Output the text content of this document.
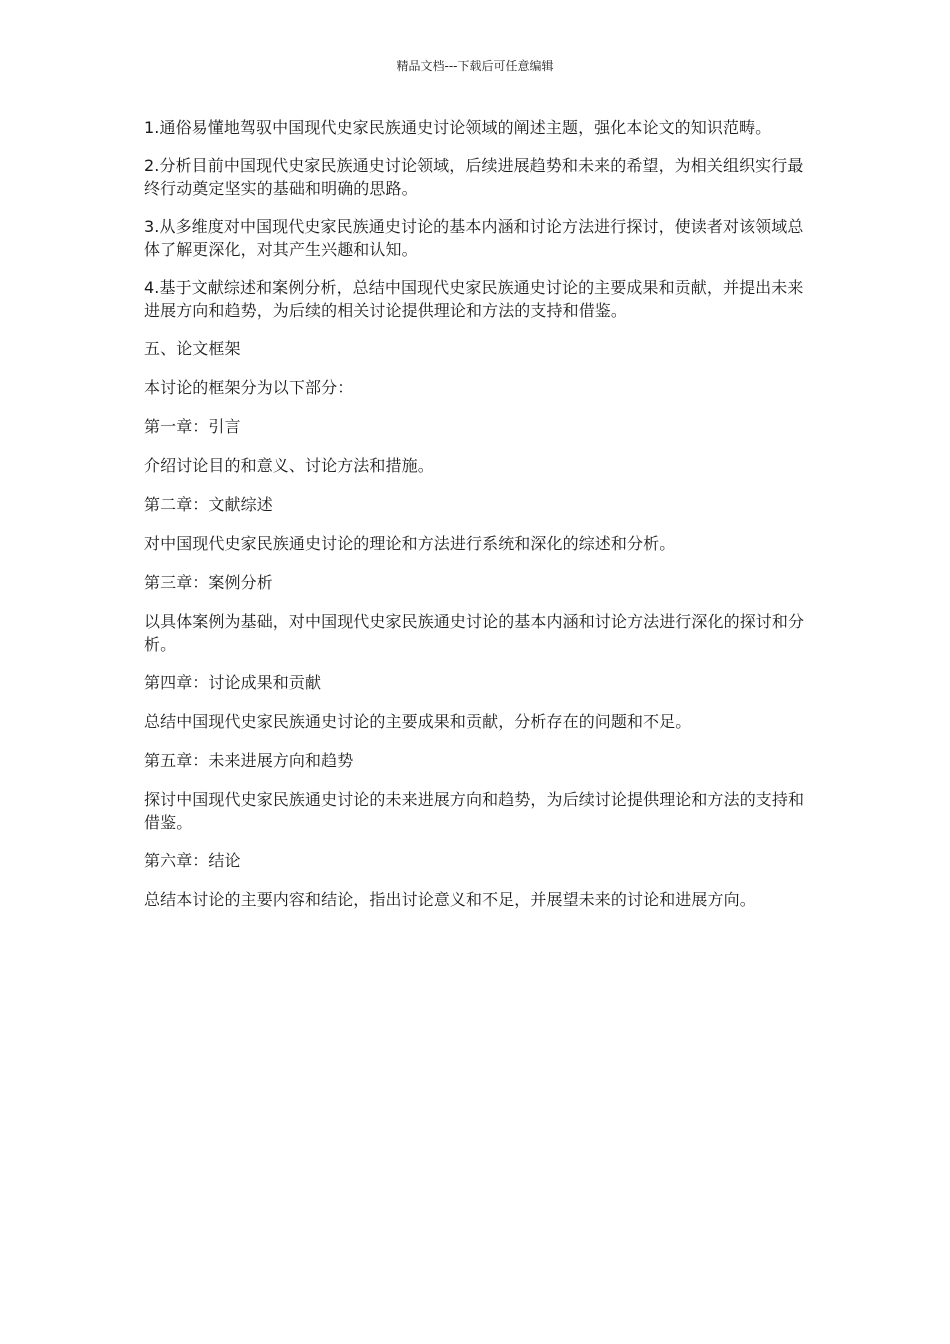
精品文档---下载后可任意编辑

1.通俗易懂地驾驭中国现代史家民族通史讨论领域的阐述主题，强化本论文的知识范畴。

2.分析目前中国现代史家民族通史讨论领域，后续进展趋势和未来的希望，为相关组织实行最终行动奠定坚实的基础和明确的思路。

3.从多维度对中国现代史家民族通史讨论的基本内涵和讨论方法进行探讨，使读者对该领域总体了解更深化，对其产生兴趣和认知。

4.基于文献综述和案例分析，总结中国现代史家民族通史讨论的主要成果和贡献，并提出未来进展方向和趋势，为后续的相关讨论提供理论和方法的支持和借鉴。

五、论文框架

本讨论的框架分为以下部分：

第一章：引言

介绍讨论目的和意义、讨论方法和措施。

第二章：文献综述

对中国现代史家民族通史讨论的理论和方法进行系统和深化的综述和分析。

第三章：案例分析

以具体案例为基础，对中国现代史家民族通史讨论的基本内涵和讨论方法进行深化的探讨和分析。

第四章：讨论成果和贡献

总结中国现代史家民族通史讨论的主要成果和贡献，分析存在的问题和不足。

第五章：未来进展方向和趋势

探讨中国现代史家民族通史讨论的未来进展方向和趋势，为后续讨论提供理论和方法的支持和借鉴。

第六章：结论

总结本讨论的主要内容和结论，指出讨论意义和不足，并展望未来的讨论和进展方向。
